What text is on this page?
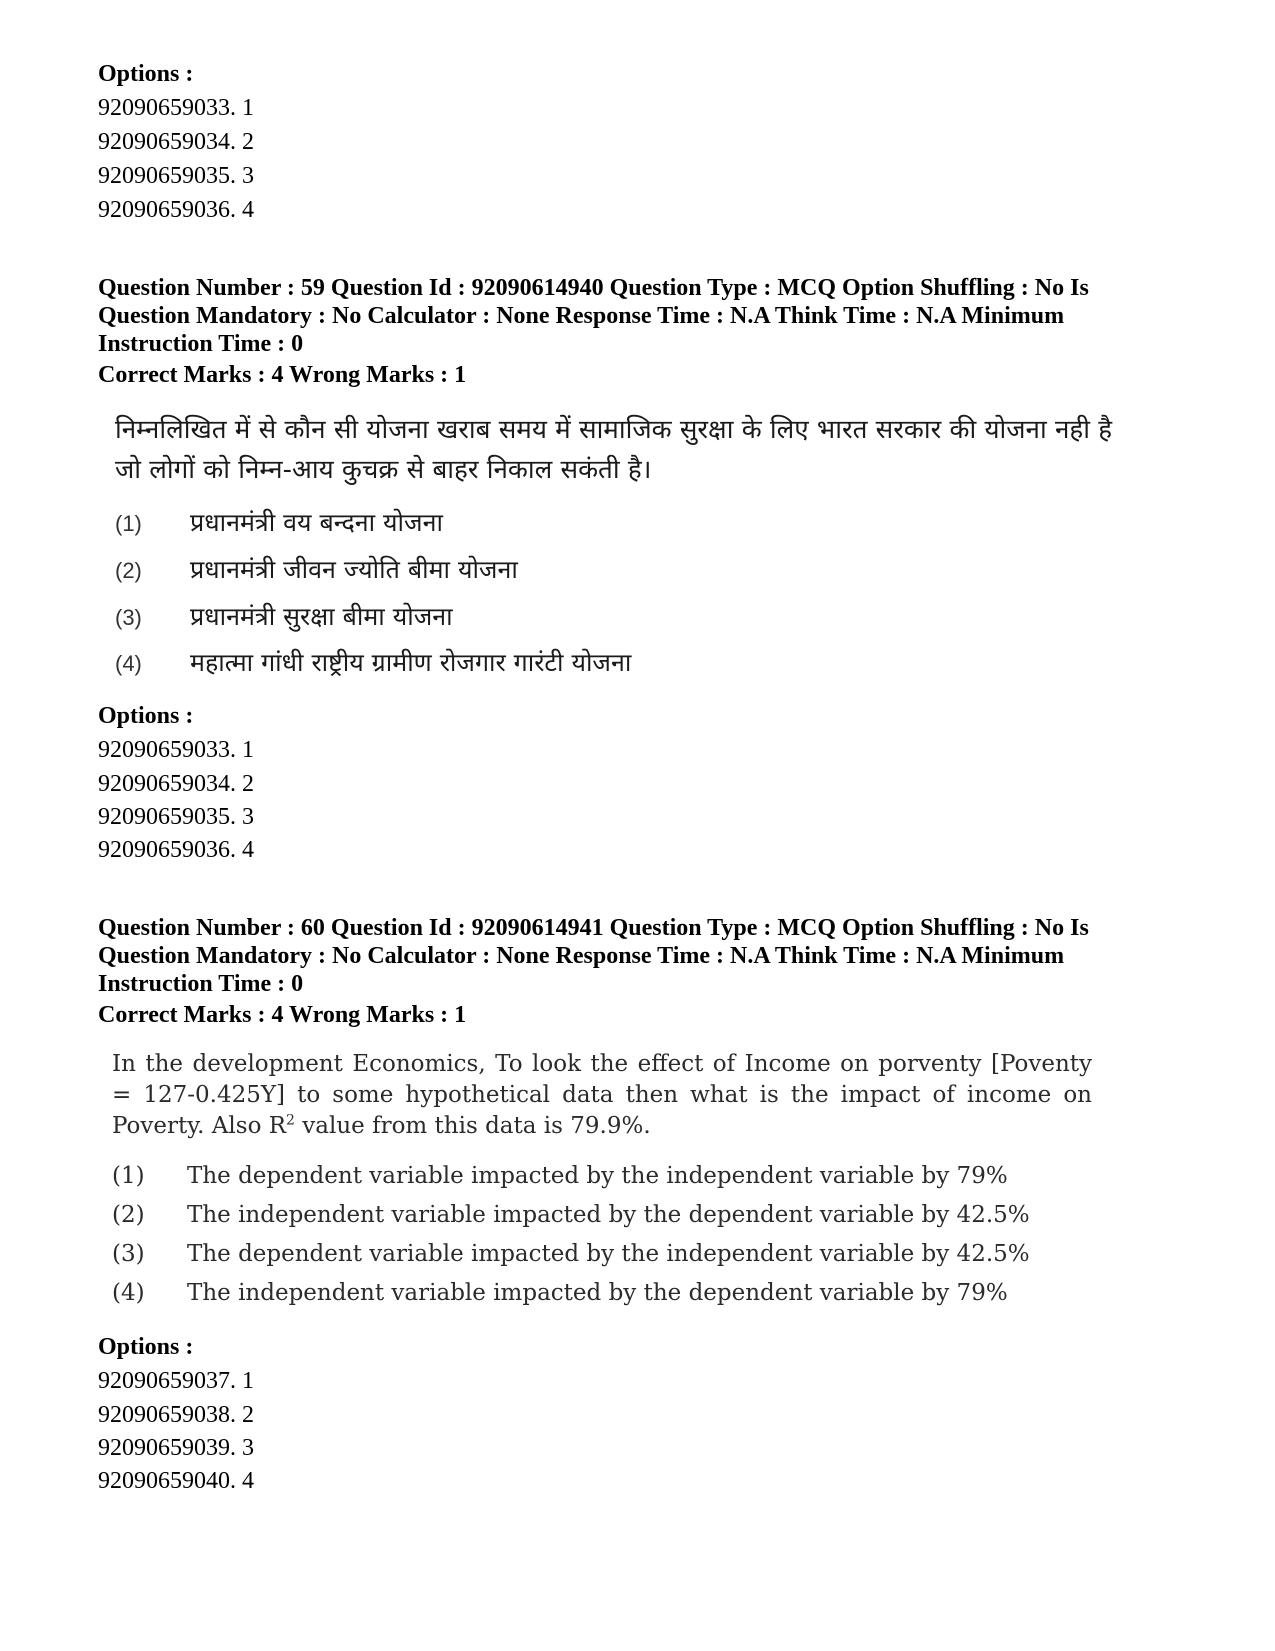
Options :
92090659033. 1
92090659034. 2
92090659035. 3
92090659036. 4
Question Number : 59 Question Id : 92090614940 Question Type : MCQ Option Shuffling : No Is
Question Mandatory : No Calculator : None Response Time : N.A Think Time : N.A Minimum
Instruction Time : 0
Correct Marks : 4 Wrong Marks : 1
निम्नलिखित में से कौन सी योजना खराब समय में सामाजिक सुरक्षा के लिए भारत सरकार की योजना नही है
जो लोगों को निम्न-आय कुचक्र से बाहर निकाल सकंती है।
(1) प्रधानमंत्री वय बन्दना योजना
(2) प्रधानमंत्री जीवन ज्योति बीमा योजना
(3) प्रधानमंत्री सुरक्षा बीमा योजना
(4) महात्मा गांधी राष्ट्रीय ग्रामीण रोजगार गारंटी योजना
Options :
92090659033. 1
92090659034. 2
92090659035. 3
92090659036. 4
Question Number : 60 Question Id : 92090614941 Question Type : MCQ Option Shuffling : No Is
Question Mandatory : No Calculator : None Response Time : N.A Think Time : N.A Minimum
Instruction Time : 0
Correct Marks : 4 Wrong Marks : 1
In the development Economics, To look the effect of Income on porventy [Poventy = 127-0.425Y] to some hypothetical data then what is the impact of income on Poverty. Also $R^2$ value from this data is 79.9%.
(1) The dependent variable impacted by the independent variable by 79%
(2) The independent variable impacted by the dependent variable by 42.5%
(3) The dependent variable impacted by the independent variable by 42.5%
(4) The independent variable impacted by the dependent variable by 79%
Options :
92090659037. 1
92090659038. 2
92090659039. 3
92090659040. 4
